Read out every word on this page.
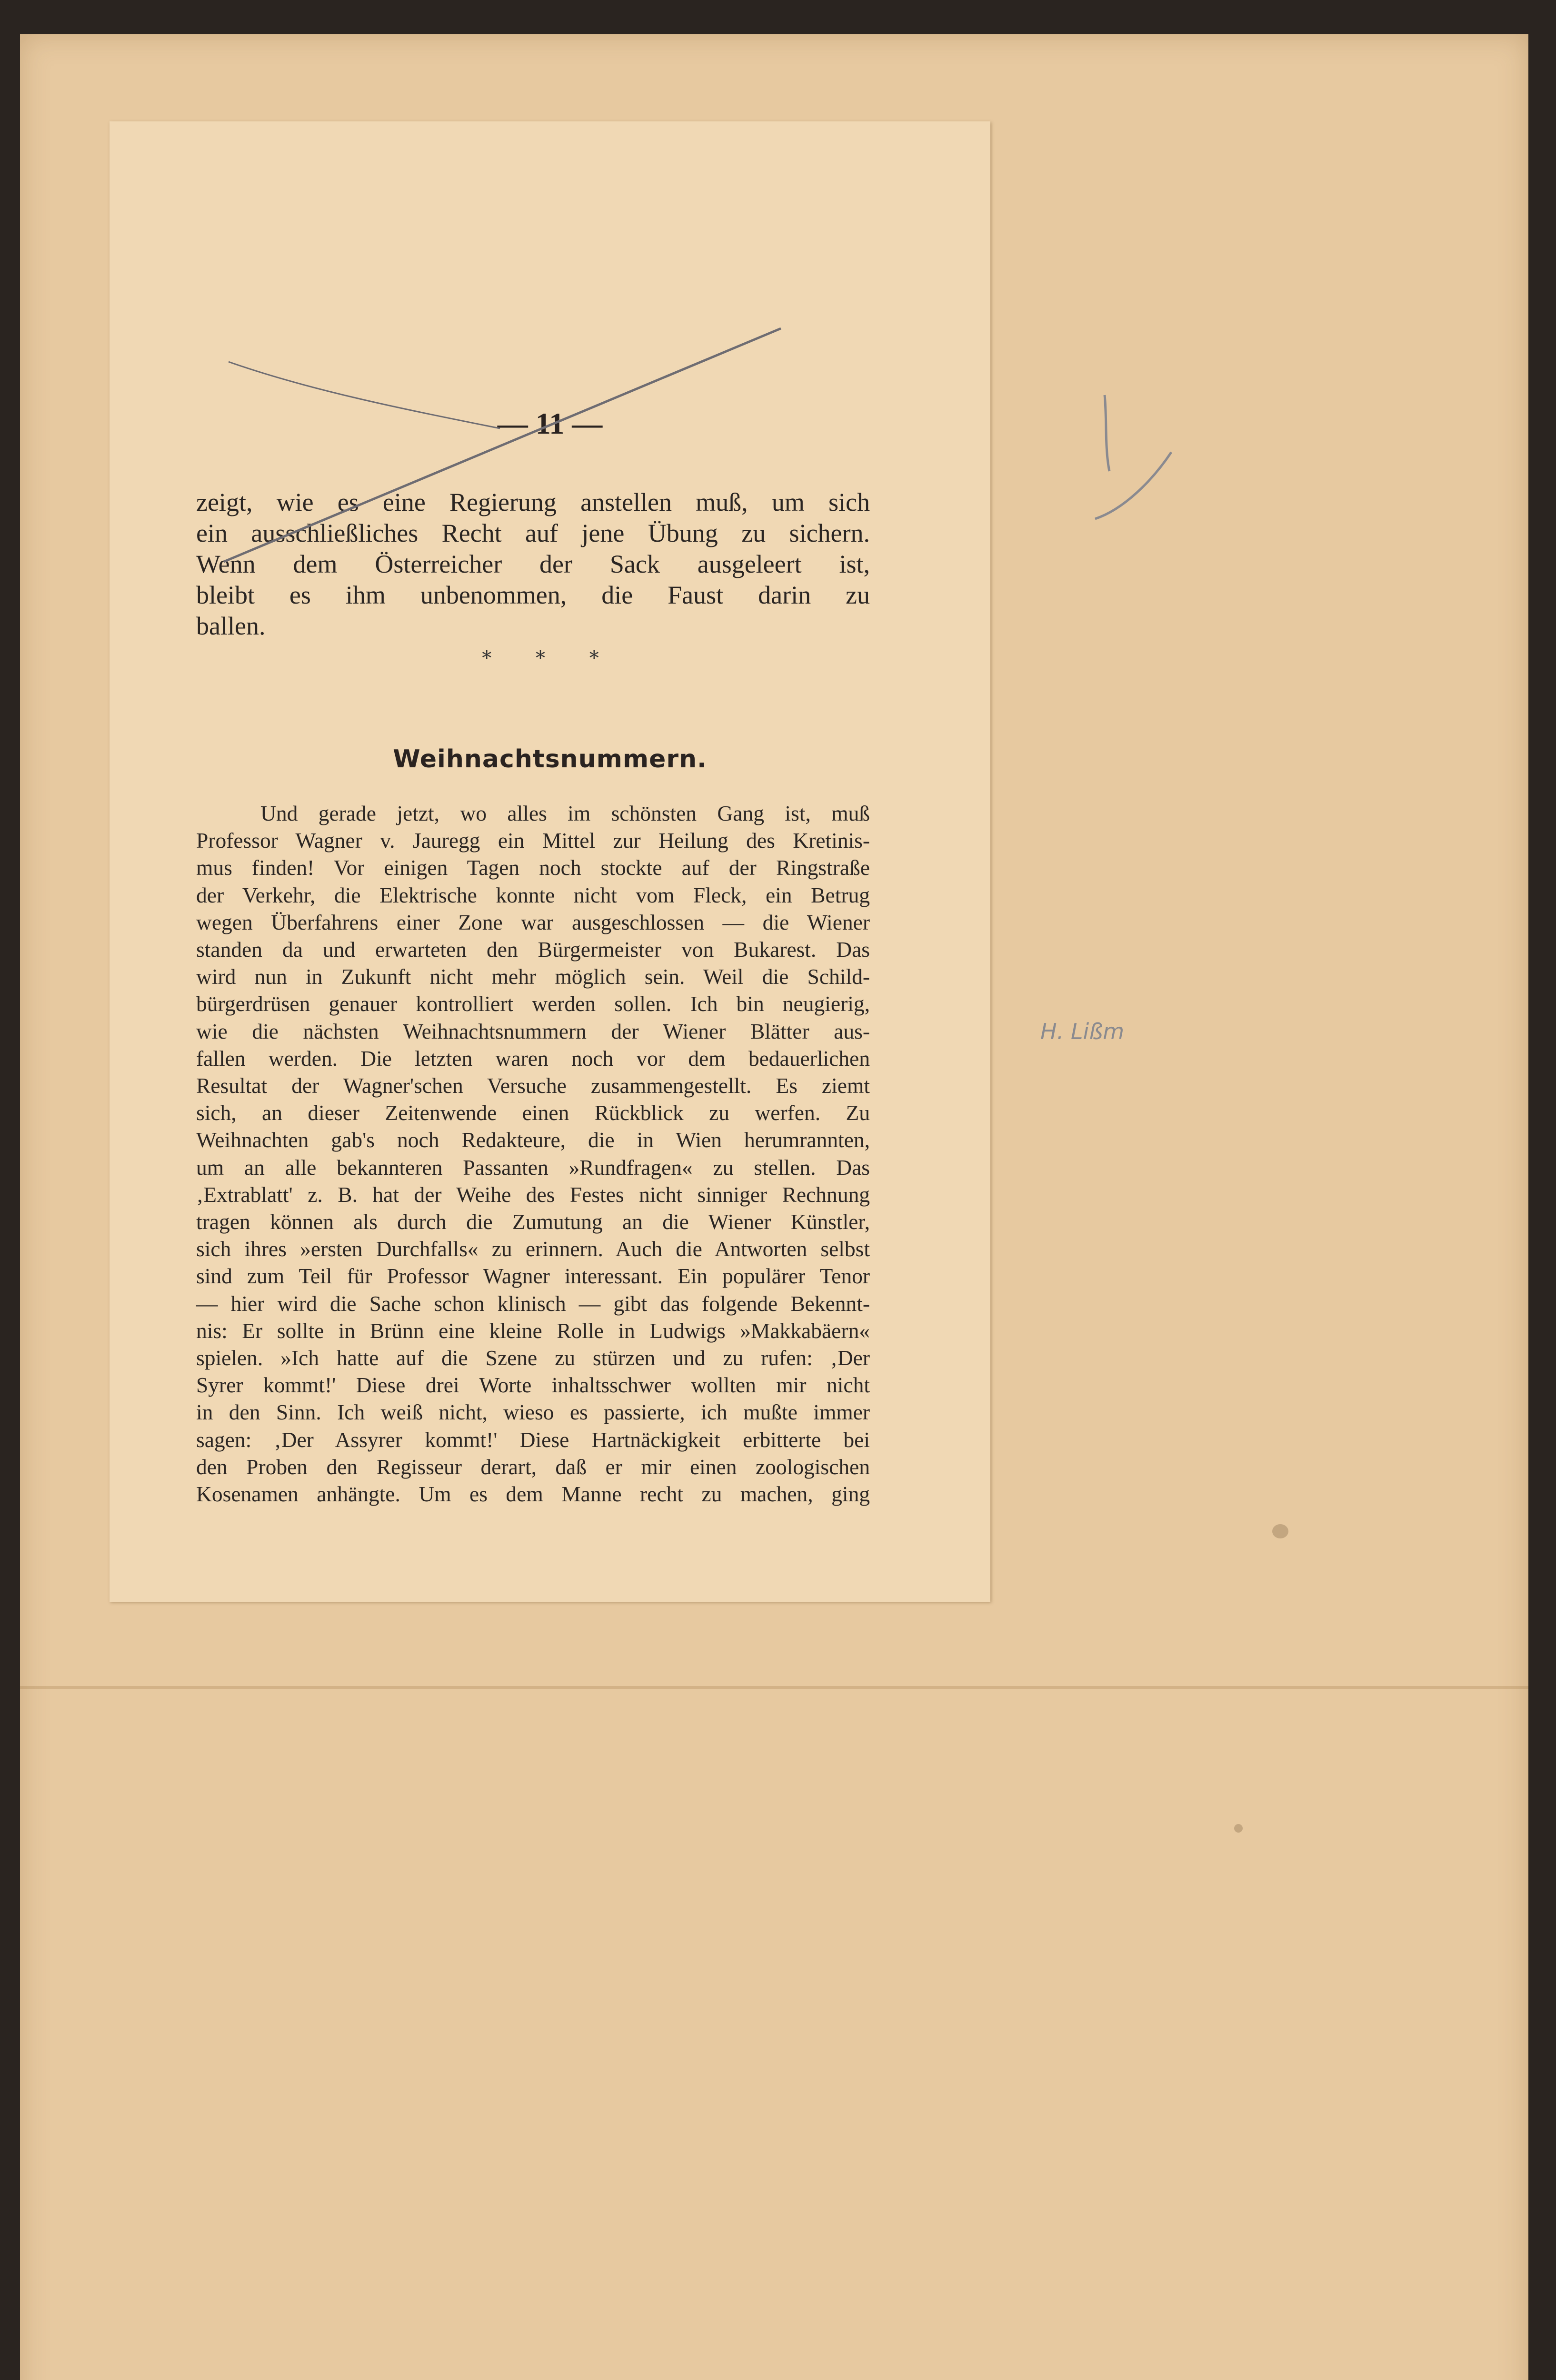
H. Lißm
— 11 —
zeigt, wie es eine Regierung anstellen muß, um sich
ein ausschließliches Recht auf jene Übung zu sichern.
Wenn dem Österreicher der Sack ausgeleert ist,
bleibt es ihm unbenommen, die Faust darin zu
ballen.
* * *
Weihnachtsnummern.
Und gerade jetzt, wo alles im schönsten Gang ist, muß
Professor Wagner v. Jauregg ein Mittel zur Heilung des Kretinis-
mus finden! Vor einigen Tagen noch stockte auf der Ringstraße
der Verkehr, die Elektrische konnte nicht vom Fleck, ein Betrug
wegen Überfahrens einer Zone war ausgeschlossen — die Wiener
standen da und erwarteten den Bürgermeister von Bukarest. Das
wird nun in Zukunft nicht mehr möglich sein. Weil die Schild-
bürgerdrüsen genauer kontrolliert werden sollen. Ich bin neugierig,
wie die nächsten Weihnachtsnummern der Wiener Blätter aus-
fallen werden. Die letzten waren noch vor dem bedauerlichen
Resultat der Wagner'schen Versuche zusammengestellt. Es ziemt
sich, an dieser Zeitenwende einen Rückblick zu werfen. Zu
Weihnachten gab's noch Redakteure, die in Wien herumrannten,
um an alle bekannteren Passanten »Rundfragen« zu stellen. Das
‚Extrablatt' z. B. hat der Weihe des Festes nicht sinniger Rechnung
tragen können als durch die Zumutung an die Wiener Künstler,
sich ihres »ersten Durchfalls« zu erinnern. Auch die Antworten selbst
sind zum Teil für Professor Wagner interessant. Ein populärer Tenor
— hier wird die Sache schon klinisch — gibt das folgende Bekennt-
nis: Er sollte in Brünn eine kleine Rolle in Ludwigs »Makkabäern«
spielen. »Ich hatte auf die Szene zu stürzen und zu rufen: ‚Der
Syrer kommt!' Diese drei Worte inhaltsschwer wollten mir nicht
in den Sinn. Ich weiß nicht, wieso es passierte, ich mußte immer
sagen: ‚Der Assyrer kommt!' Diese Hartnäckigkeit erbitterte bei
den Proben den Regisseur derart, daß er mir einen zoologischen
Kosenamen anhängte. Um es dem Manne recht zu machen, ging
